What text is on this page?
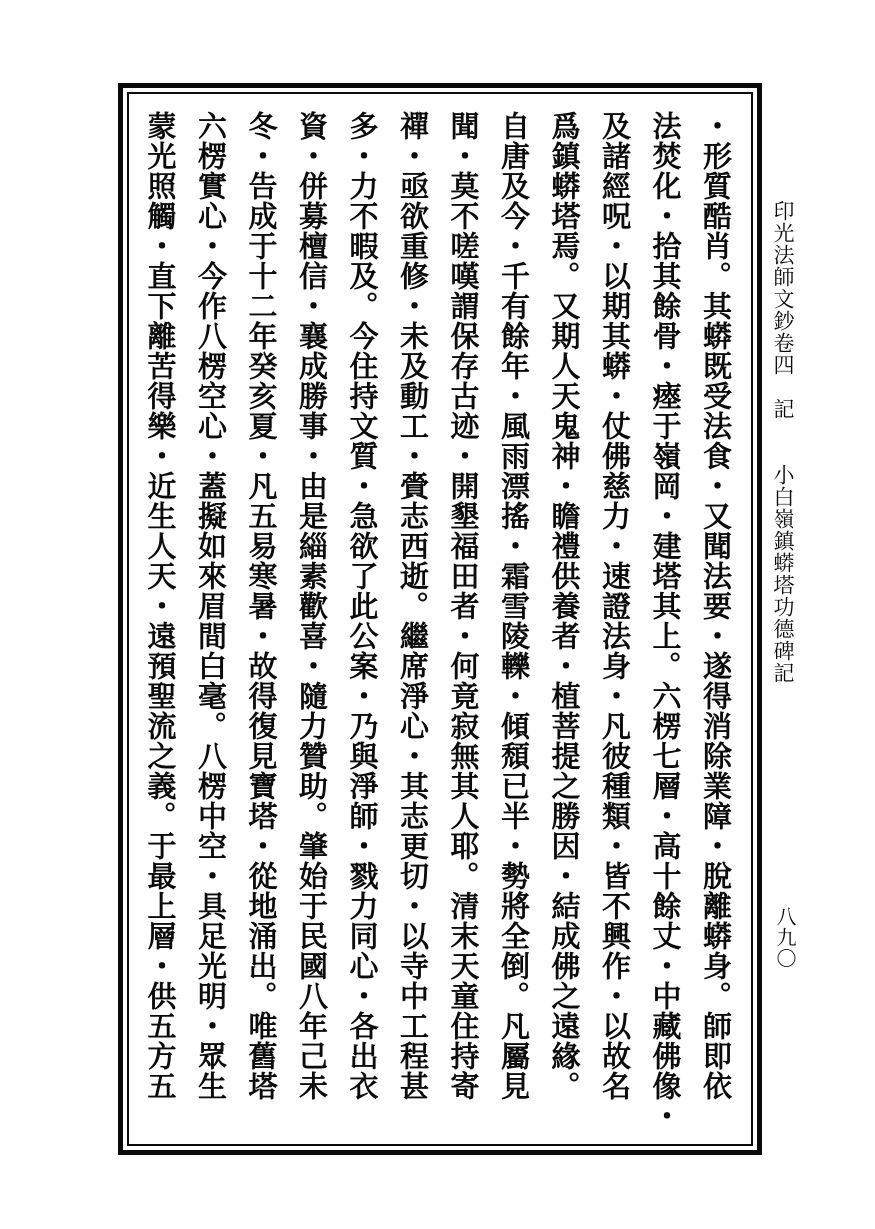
・形質酷肖。其蟒既受法食・又聞法要・遂得消除業障・脫離蟒身。師即依
法焚化・拾其餘骨・瘞于嶺岡・建塔其上。六楞七層・高十餘丈・中藏佛像・
及諸經呪・以期其蟒・仗佛慈力・速證法身・凡彼種類・皆不興作・以故名
爲鎮蟒塔焉。又期人天鬼神・瞻禮供養者・植菩提之勝因・結成佛之遠緣。
自唐及今・千有餘年・風雨漂搖・霜雪陵轢・傾頹已半・勢將全倒。凡屬見
聞・莫不嗟嘆謂保存古迹・開墾福田者・何竟寂無其人耶。清末天童住持寄
禪・亟欲重修・未及動工・賫志西逝。繼席淨心・其志更切・以寺中工程甚
多・力不暇及。今住持文質・急欲了此公案・乃與淨師・戮力同心・各出衣
資・併募檀信・襄成勝事・由是緇素歡喜・隨力贊助。肇始于民國八年己未
冬・告成于十二年癸亥夏・凡五易寒暑・故得復見寶塔・從地涌出。唯舊塔
六楞實心・今作八楞空心・蓋擬如來眉間白毫。八楞中空・具足光明・眾生
蒙光照觸・直下離苦得樂・近生人天・遠預聖流之義。于最上層・供五方五	印光法師文鈔卷四　記　　小白嶺鎮蟒塔功德碑記
八九〇
